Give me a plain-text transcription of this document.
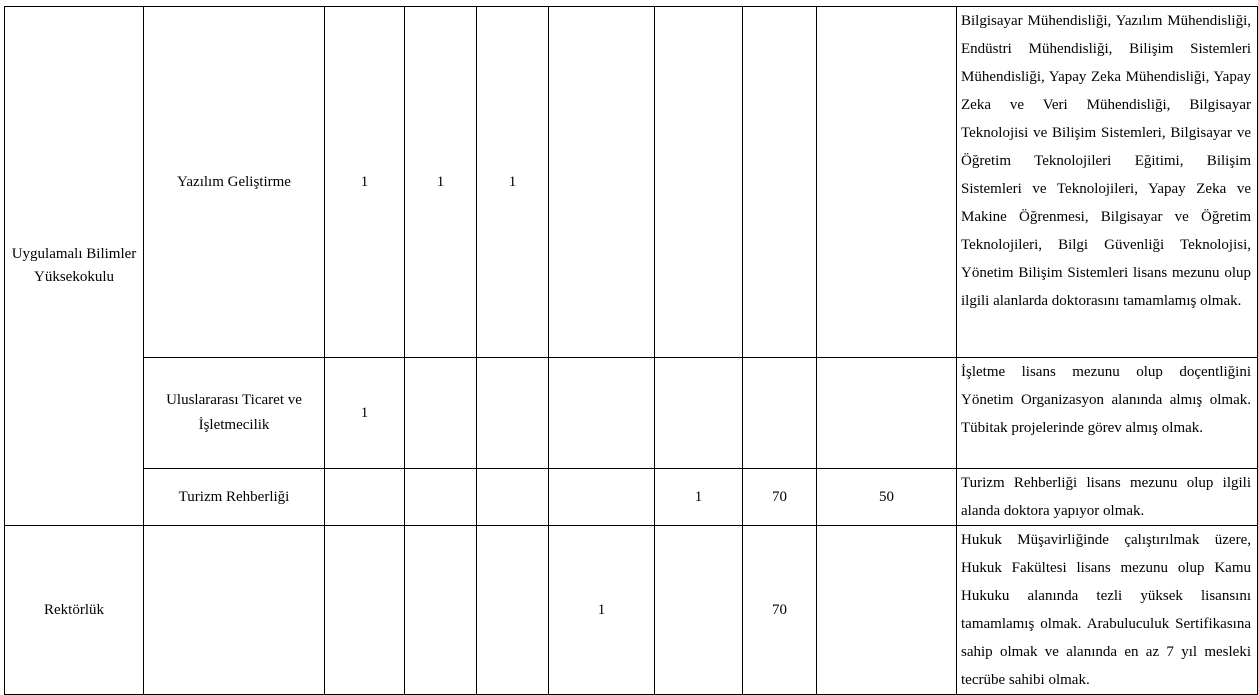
Uygulamalı Bilimler Yüksekokulu	Yazılım Geliştirme	1	1	1					Bilgisayar Mühendisliği, Yazılım Mühendisliği, Endüstri Mühendisliği, Bilişim Sistemleri Mühendisliği, Yapay Zeka Mühendisliği, Yapay Zeka ve Veri Mühendisliği, Bilgisayar Teknolojisi ve Bilişim Sistemleri, Bilgisayar ve Öğretim Teknolojileri Eğitimi, Bilişim Sistemleri ve Teknolojileri, Yapay Zeka ve Makine Öğrenmesi, Bilgisayar ve Öğretim Teknolojileri, Bilgi Güvenliği Teknolojisi, Yönetim Bilişim Sistemleri lisans mezunu olup ilgili alanlarda doktorasını tamamlamış olmak.
	Uluslararası Ticaret ve İşletmecilik	1							İşletme lisans mezunu olup doçentliğini Yönetim Organizasyon alanında almış olmak. Tübitak projelerinde görev almış olmak.
	Turizm Rehberliği					1	70	50	Turizm Rehberliği lisans mezunu olup ilgili alanda doktora yapıyor olmak.
Rektörlük					1		70		Hukuk Müşavirliğinde çalıştırılmak üzere, Hukuk Fakültesi lisans mezunu olup Kamu Hukuku alanında tezli yüksek lisansını tamamlamış olmak. Arabuluculuk Sertifikasına sahip olmak ve alanında en az 7 yıl mesleki tecrübe sahibi olmak.
